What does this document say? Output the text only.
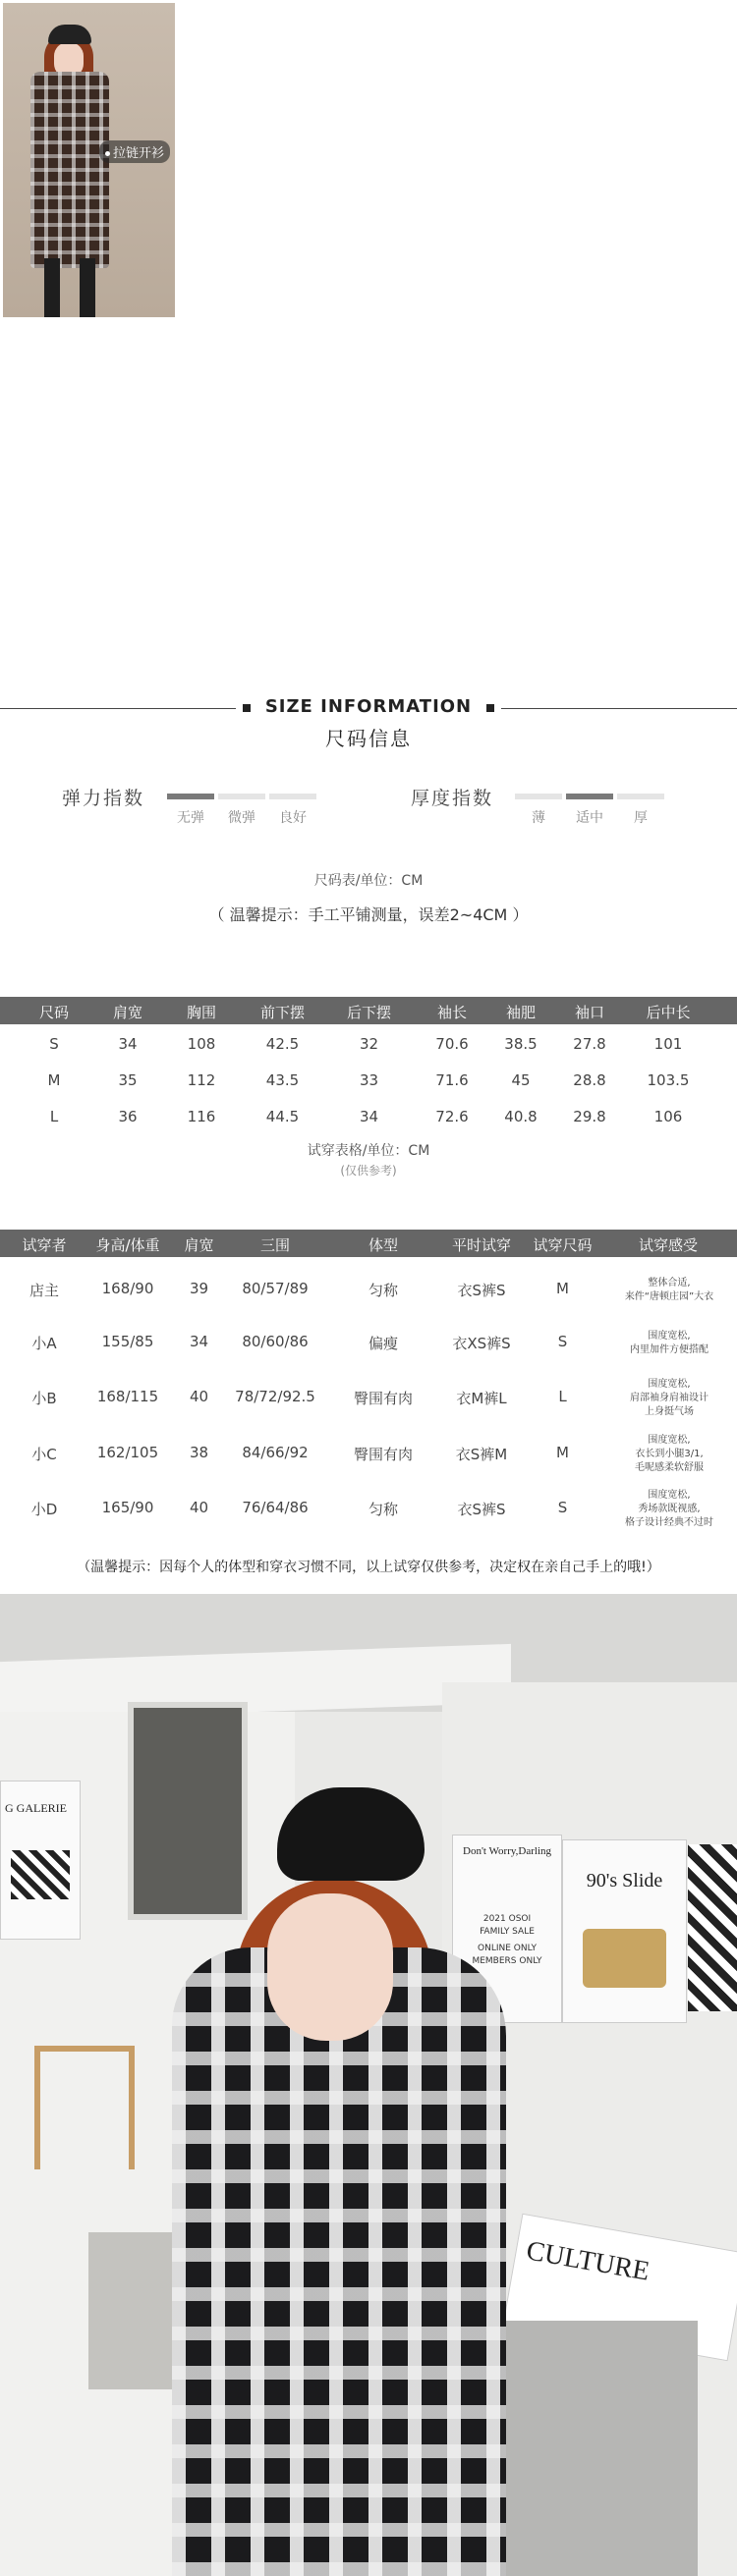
拉链开衫
SIZE INFORMATION
尺码信息
弹力指数
无弹	微弹	良好
厚度指数
薄	适中	厚
尺码表/单位：CM
（ 温馨提示：手工平铺测量，误差2~4CM ）
尺码	肩宽	胸围	前下摆	后下摆	袖长	袖肥	袖口	后中长
S	34	108	42.5	32	70.6	38.5	27.8	101
M	35	112	43.5	33	71.6	45	28.8	103.5
L	36	116	44.5	34	72.6	40.8	29.8	106
试穿表格/单位：CM
(仅供参考)
试穿者	身高/体重	肩宽	三围	体型	平时试穿	试穿尺码	试穿感受
店主	168/90	39	80/57/89	匀称	衣S裤S	M	整体合适,
来件“唐顿庄园”大衣
小A	155/85	34	80/60/86	偏瘦	衣XS裤S	S	围度宽松,
内里加件方便搭配
小B	168/115	40	78/72/92.5	臀围有肉	衣M裤L	L
围度宽松,
肩部袖身肩袖设计
上身挺气场
小C	162/105	38	84/66/92	臀围有肉	衣S裤M	M
围度宽松,
衣长到小腿3/1,
毛呢感柔软舒服
小D	165/90	40	76/64/86	匀称	衣S裤S	S
围度宽松,
秀场款既视感,
格子设计经典不过时
（温馨提示：因每个人的体型和穿衣习惯不同，以上试穿仅供参考，决定权在亲自己手上的哦!）
G GALERIE
Don't Worry,Darling
2021 OSOI
FAMILY SALE
ONLINE ONLY
MEMBERS ONLY
90's Slide
CULTURE
